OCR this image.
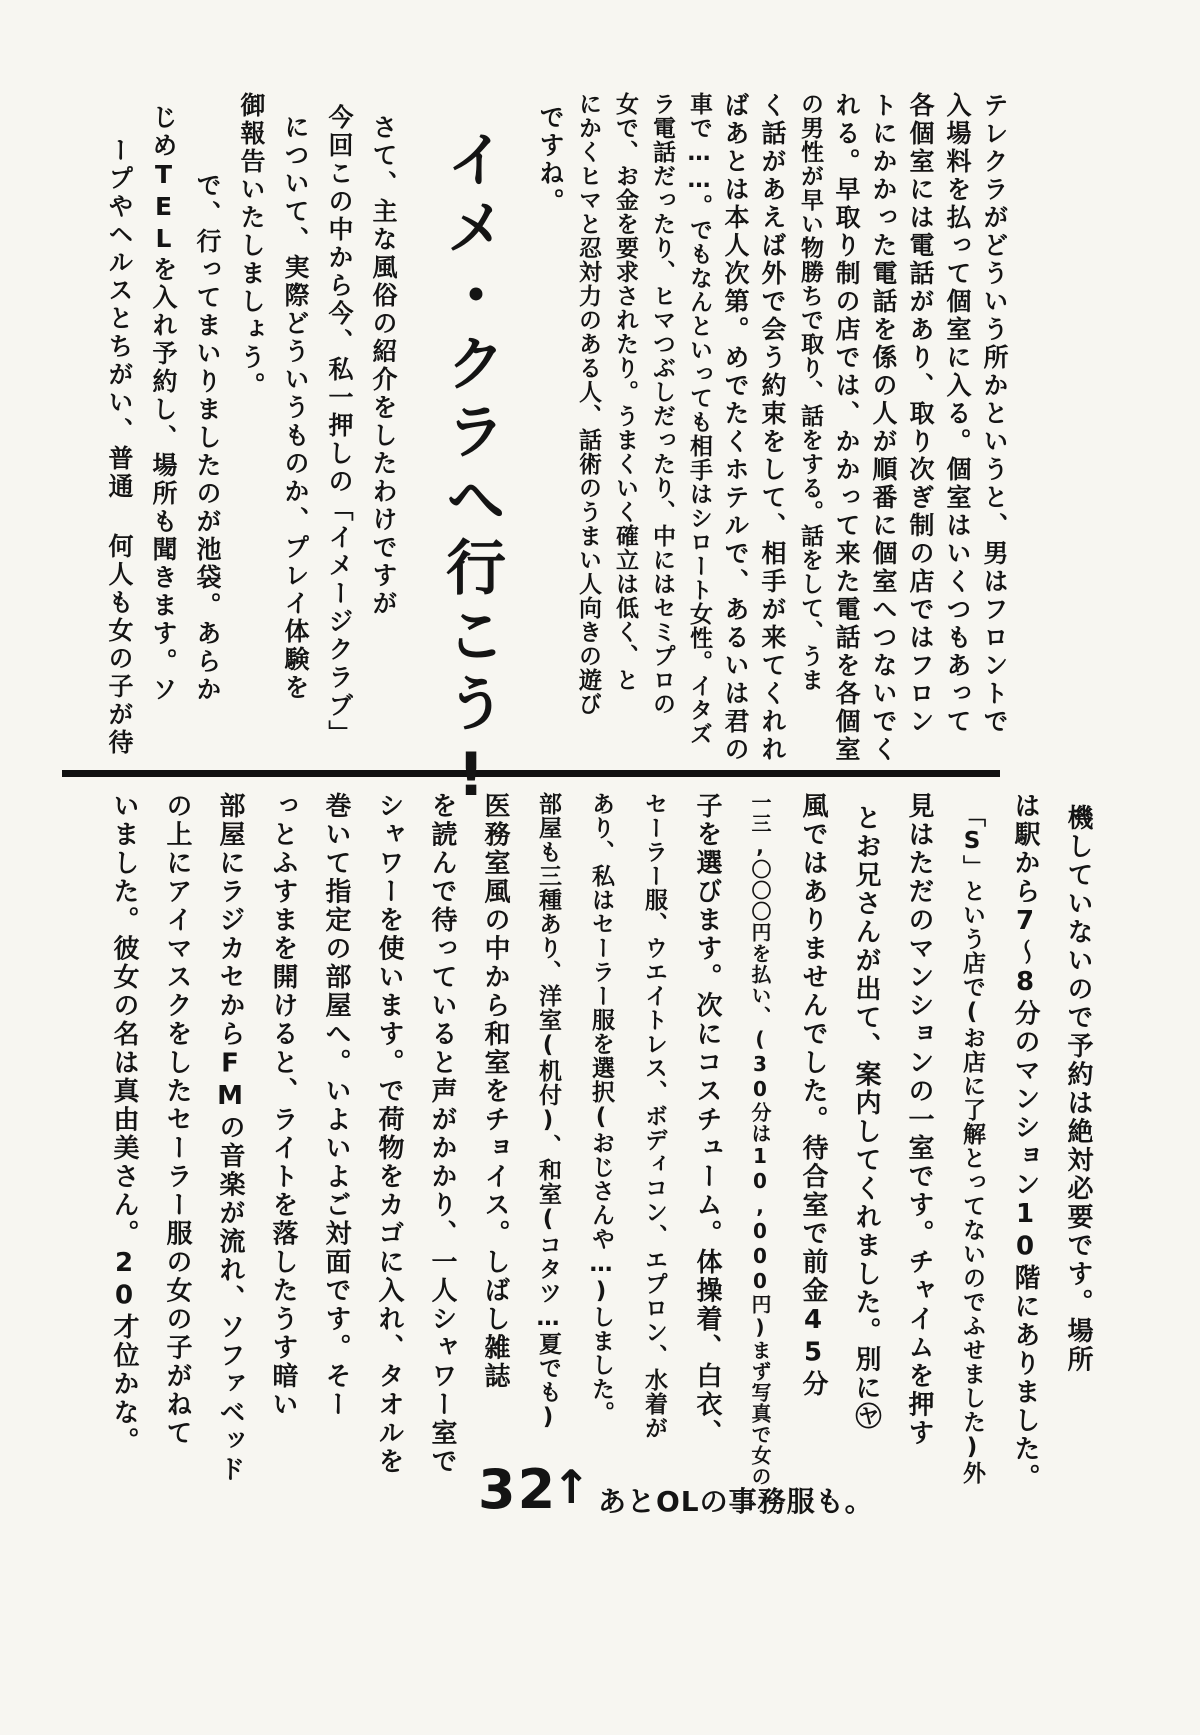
テレクラがどういう所かというと、男はフロントで
入場料を払って個室に入る。個室はいくつもあって
各個室には電話があり、取り次ぎ制の店ではフロン
トにかかった電話を係の人が順番に個室へつないでく
れる。早取り制の店では、かかって来た電話を各個室
の男性が早い物勝ちで取り、話をする。話をして、うま
く話があえば外で会う約束をして、相手が来てくれれ
ばあとは本人次第。めでたくホテルで、あるいは君の
車で……。でもなんといっても相手はシロート女性。イタズ
ラ電話だったり、ヒマつぶしだったり、中にはセミプロの
女で、お金を要求されたり。うまくいく確立は低く、と
にかくヒマと忍対力のある人、話術のうまい人向きの遊び
ですね。
イメ・クラへ行こう!
さて、主な風俗の紹介をしたわけですが
今回この中から今、私一押しの「イメージクラブ」
について、実際どういうものか、プレイ体験を
御報告いたしましょう。
で、行ってまいりましたのが池袋。あらか
じめTELを入れ予約し、場所も聞きます。ソ
ープやヘルスとちがい、普通 何人も女の子が待
機していないので予約は絶対必要です。場所
は駅から7〜8分のマンション10階にありました。
「S」という店で(お店に了解とってないのでふせました)外
見はただのマンションの一室です。チャイムを押す
とお兄さんが出て、案内してくれました。別に㋳
風ではありませんでした。待合室で前金45分
一三,〇〇〇円を払い、(30分は10,000円)まず写真で女の
子を選びます。次にコスチューム。体操着、白衣、
セーラー服、ウエイトレス、ボディコン、エプロン、水着が
あり、私はセーラー服を選択(おじさんや…)しました。
部屋も三種あり、洋室(机付)、和室(コタツ…夏でも)
医務室風の中から和室をチョイス。しばし雑誌
を読んで待っていると声がかかり、一人シャワー室で
シャワーを使います。で荷物をカゴに入れ、タオルを
巻いて指定の部屋へ。いよいよご対面です。そー
っとふすまを開けると、ライトを落したうす暗い
部屋にラジカセからFMの音楽が流れ、ソファベッド
の上にアイマスクをしたセーラー服の女の子がねて
いました。彼女の名は真由美さん。20才位かな。
32
↑ あとOLの事務服も。
